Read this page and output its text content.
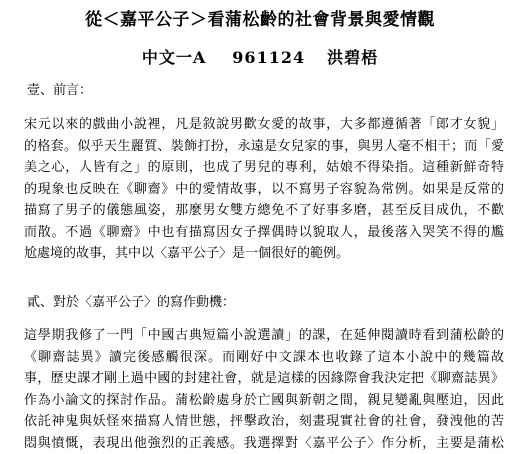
從＜嘉平公子＞看蒲松齡的社會背景與愛情觀
中文一A 961124 洪碧梧
壹、前言：
宋元以來的戲曲小說裡，凡是敘說男歡女愛的故事，大多都遵循著「郎才女貌」
的格套。似乎天生麗質、裝飾打扮，永遠是女兒家的事，與男人毫不相干；而「愛
美之心，人皆有之」的原則，也成了男兒的專利，姑娘不得染指。這種新鮮奇特
的現象也反映在《聊齋》中的愛情故事，以不寫男子容貌為常例。如果是反常的
描寫了男子的儀態風姿，那麼男女雙方總免不了好事多磨，甚至反目成仇，不歡
而散。不過《聊齋》中也有描寫因女子擇偶時以貌取人，最後落入哭笑不得的尷
尬處境的故事，其中以〈嘉平公子〉是一個很好的範例。
貳、對於〈嘉平公子〉的寫作動機：
這學期我修了一門「中國古典短篇小說選讀」的課，在延伸閱讀時看到蒲松齡的
《聊齋誌異》讀完後感觸很深。而剛好中文課本也收錄了這本小說中的幾篇故
事，歷史課才剛上過中國的封建社會，就是這樣的因緣際會我決定把《聊齋誌異》
作為小論文的探討作品。蒲松齡處身於亡國與新朝之間，親見變亂與壓迫，因此
依託神鬼與妖怪來描寫人情世態，抨擊政治，刻畫現實社會的社會，發洩他的苦
悶與憤慨，表現出他強烈的正義感。我選擇對〈嘉平公子〉作分析，主要是蒲松
